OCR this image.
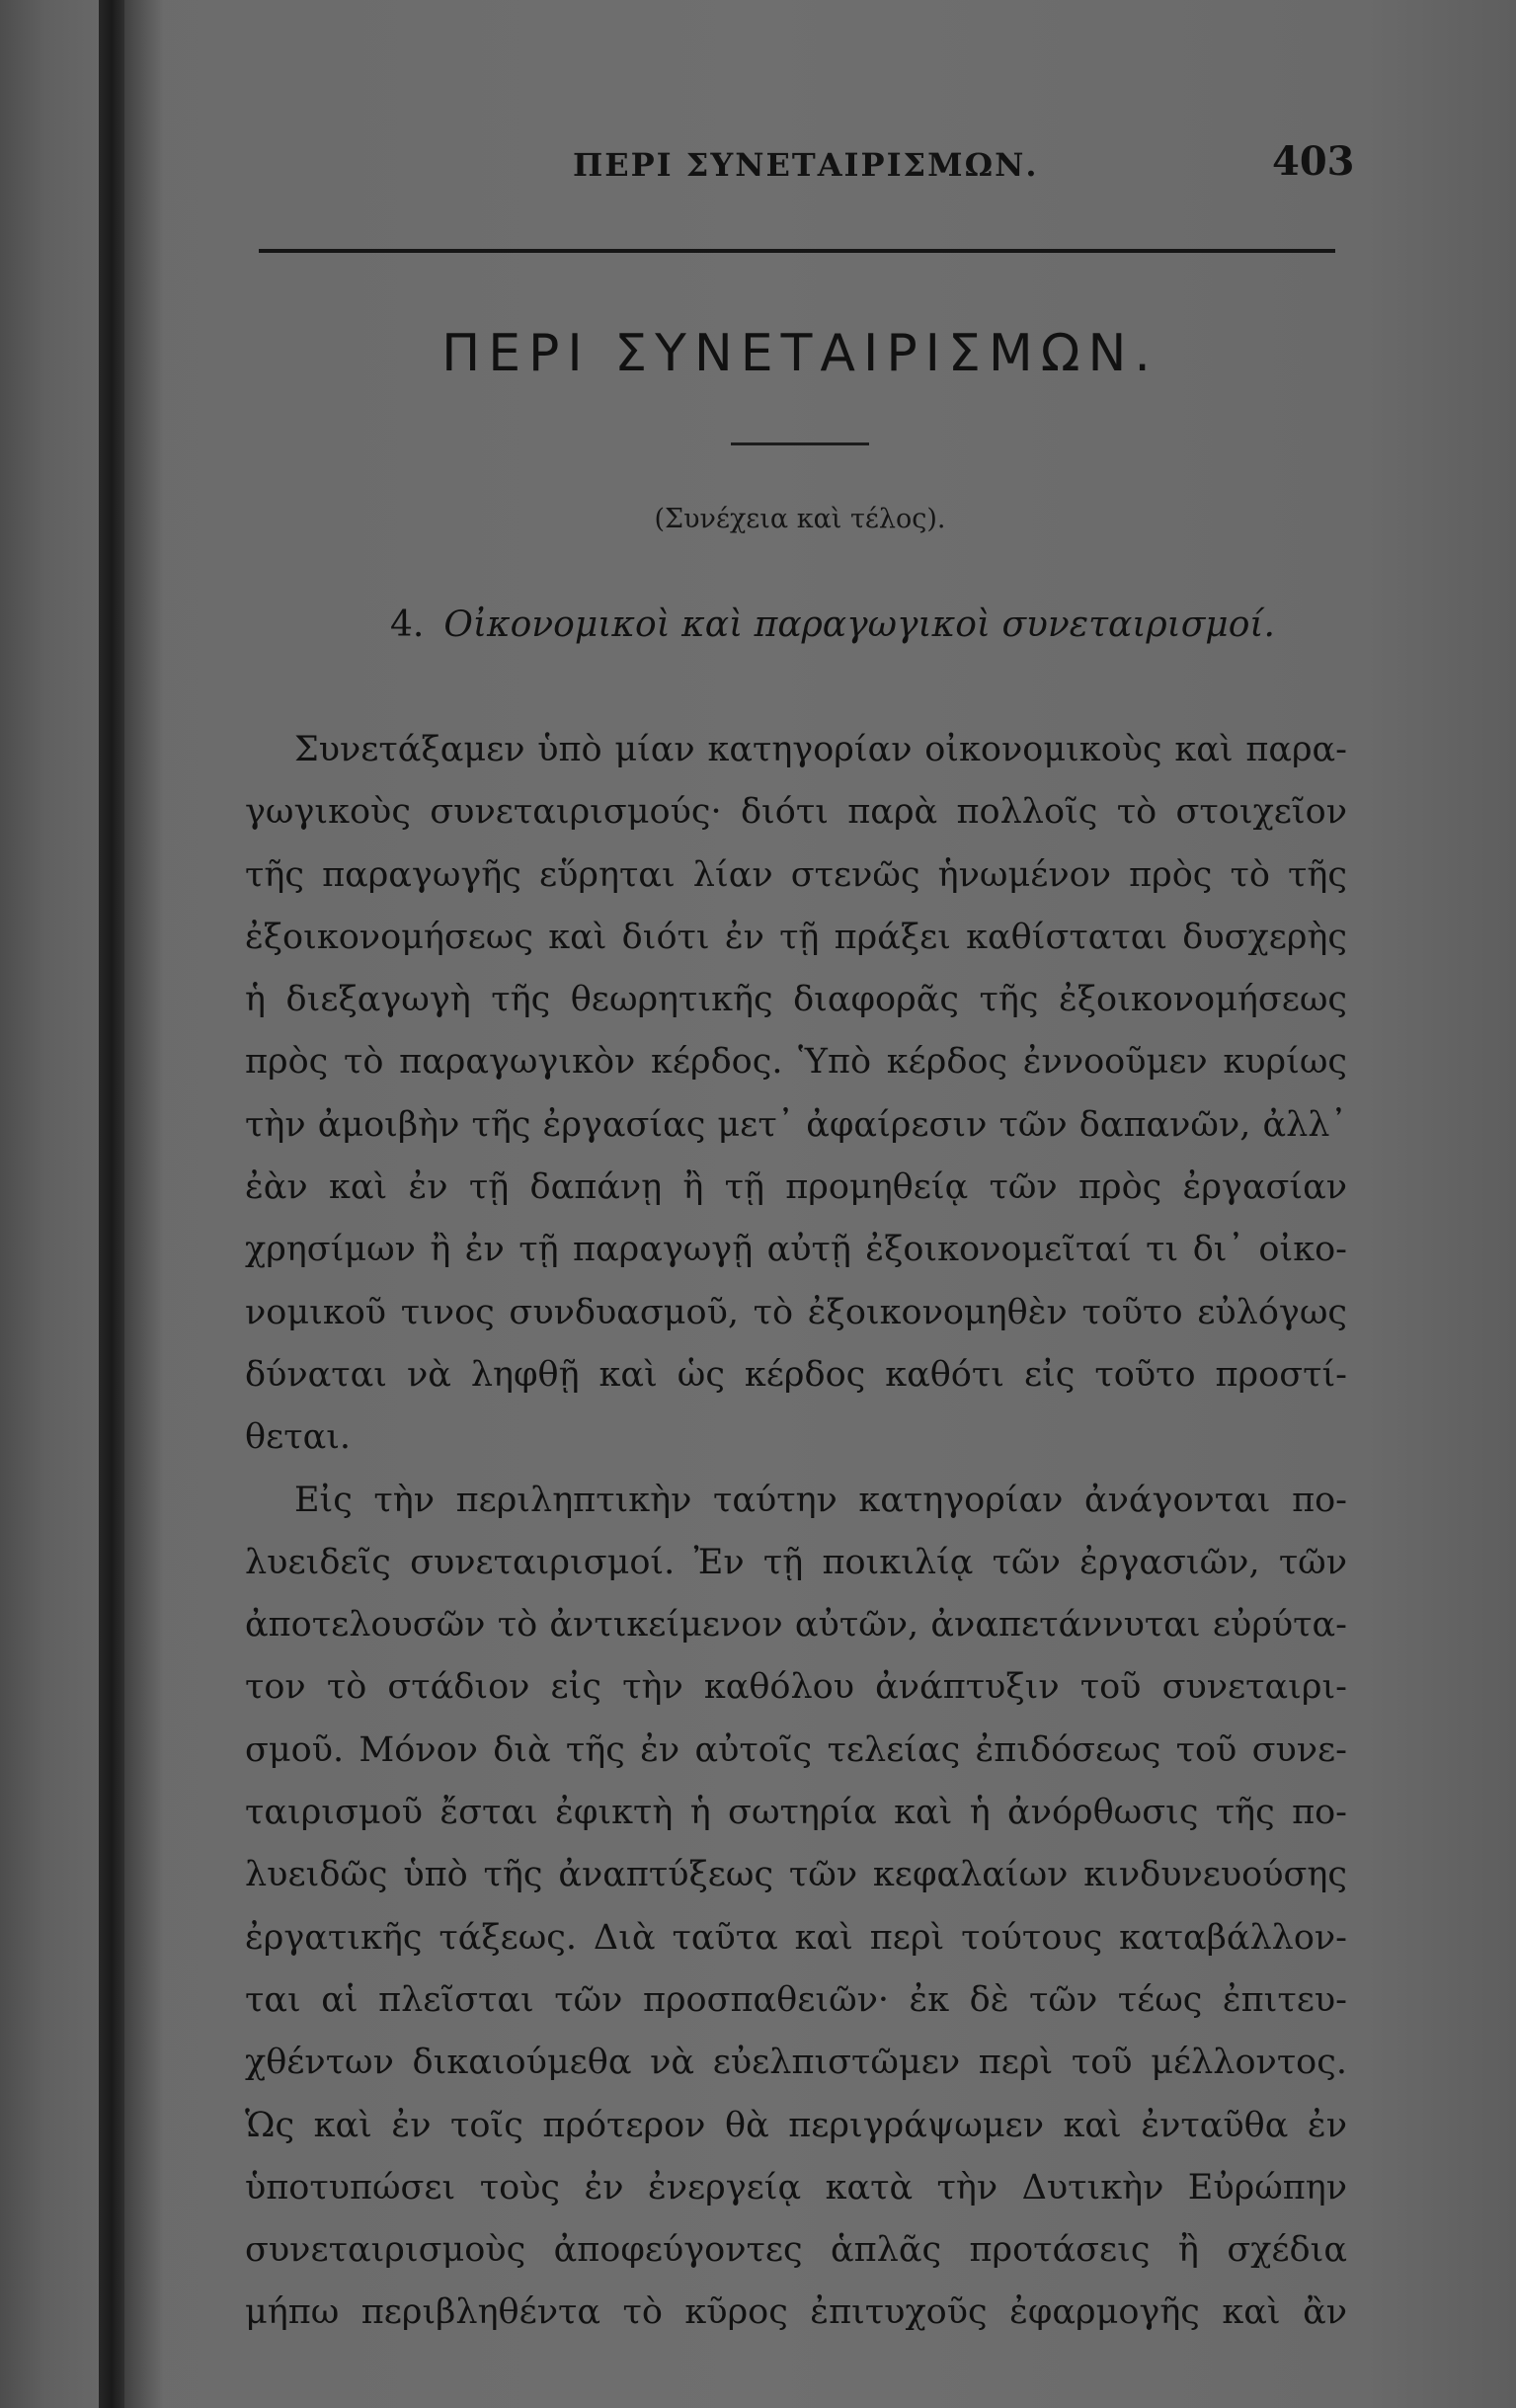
ΠΕΡΙ ΣΥΝΕΤΑΙΡΙΣΜΩΝ.	403
ΠΕΡΙ ΣΥΝΕΤΑΙΡΙΣΜΩΝ.
(Συνέχεια καὶ τέλος).
4. Οἰκονομικοὶ καὶ παραγωγικοὶ συνεταιρισμοί.
Συνετάξαμεν ὑπὸ μίαν κατηγορίαν οἰκονομικοὺς καὶ παρα-
γωγικοὺς συνεταιρισμούς· διότι παρὰ πολλοῖς τὸ στοιχεῖον
τῆς παραγωγῆς εὕρηται λίαν στενῶς ἡνωμένον πρὸς τὸ τῆς
ἐξοικονομήσεως καὶ διότι ἐν τῇ πράξει καθίσταται δυσχερὴς
ἡ διεξαγωγὴ τῆς θεωρητικῆς διαφορᾶς τῆς ἐξοικονομήσεως
πρὸς τὸ παραγωγικὸν κέρδος. Ὑπὸ κέρδος ἐννοοῦμεν κυρίως
τὴν ἀμοιβὴν τῆς ἐργασίας μετ᾽ ἀφαίρεσιν τῶν δαπανῶν, ἀλλ᾽
ἐὰν καὶ ἐν τῇ δαπάνῃ ἢ τῇ προμηθείᾳ τῶν πρὸς ἐργασίαν
χρησίμων ἢ ἐν τῇ παραγωγῇ αὐτῇ ἐξοικονομεῖταί τι δι᾽ οἰκο-
νομικοῦ τινος συνδυασμοῦ, τὸ ἐξοικονομηθὲν τοῦτο εὐλόγως
δύναται νὰ ληφθῇ καὶ ὡς κέρδος καθότι εἰς τοῦτο προστί-
θεται.
Εἰς τὴν περιληπτικὴν ταύτην κατηγορίαν ἀνάγονται πο-
λυειδεῖς συνεταιρισμοί. Ἐν τῇ ποικιλίᾳ τῶν ἐργασιῶν, τῶν
ἀποτελουσῶν τὸ ἀντικείμενον αὐτῶν, ἀναπετάννυται εὐρύτα-
τον τὸ στάδιον εἰς τὴν καθόλου ἀνάπτυξιν τοῦ συνεταιρι-
σμοῦ. Μόνον διὰ τῆς ἐν αὐτοῖς τελείας ἐπιδόσεως τοῦ συνε-
ταιρισμοῦ ἔσται ἐφικτὴ ἡ σωτηρία καὶ ἡ ἀνόρθωσις τῆς πο-
λυειδῶς ὑπὸ τῆς ἀναπτύξεως τῶν κεφαλαίων κινδυνευούσης
ἐργατικῆς τάξεως. Διὰ ταῦτα καὶ περὶ τούτους καταβάλλον-
ται αἱ πλεῖσται τῶν προσπαθειῶν· ἐκ δὲ τῶν τέως ἐπιτευ-
χθέντων δικαιούμεθα νὰ εὐελπιστῶμεν περὶ τοῦ μέλλοντος.
Ὡς καὶ ἐν τοῖς πρότερον θὰ περιγράψωμεν καὶ ἐνταῦθα ἐν
ὑποτυπώσει τοὺς ἐν ἐνεργείᾳ κατὰ τὴν Δυτικὴν Εὐρώπην
συνεταιρισμοὺς ἀποφεύγοντες ἁπλᾶς προτάσεις ἢ σχέδια
μήπω περιβληθέντα τὸ κῦρος ἐπιτυχοῦς ἐφαρμογῆς καὶ ἂν
